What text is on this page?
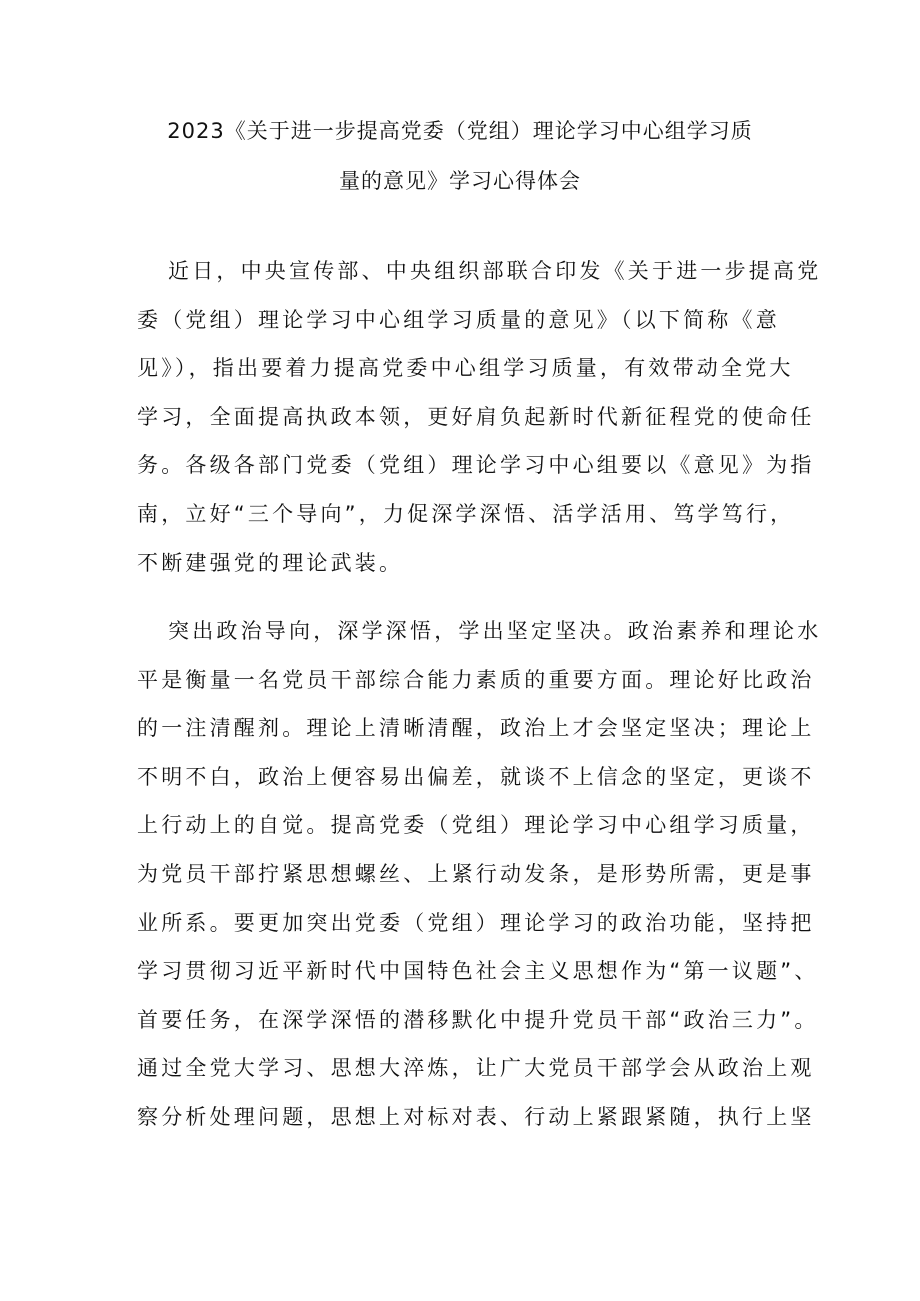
2023《关于进一步提高党委（党组）理论学习中心组学习质
量的意见》学习心得体会
近日，中央宣传部、中央组织部联合印发《关于进一步提高党
委（党组）理论学习中心组学习质量的意见》（以下简称《意
见》），指出要着力提高党委中心组学习质量，有效带动全党大
学习，全面提高执政本领，更好肩负起新时代新征程党的使命任
务。各级各部门党委（党组）理论学习中心组要以《意见》为指
南，立好“三个导向”，力促深学深悟、活学活用、笃学笃行，
不断建强党的理论武装。
突出政治导向，深学深悟，学出坚定坚决。政治素养和理论水
平是衡量一名党员干部综合能力素质的重要方面。理论好比政治
的一注清醒剂。理论上清晰清醒，政治上才会坚定坚决；理论上
不明不白，政治上便容易出偏差，就谈不上信念的坚定，更谈不
上行动上的自觉。提高党委（党组）理论学习中心组学习质量，
为党员干部拧紧思想螺丝、上紧行动发条，是形势所需，更是事
业所系。要更加突出党委（党组）理论学习的政治功能，坚持把
学习贯彻习近平新时代中国特色社会主义思想作为“第一议题”、
首要任务，在深学深悟的潜移默化中提升党员干部“政治三力”。
通过全党大学习、思想大淬炼，让广大党员干部学会从政治上观
察分析处理问题，思想上对标对表、行动上紧跟紧随，执行上坚
